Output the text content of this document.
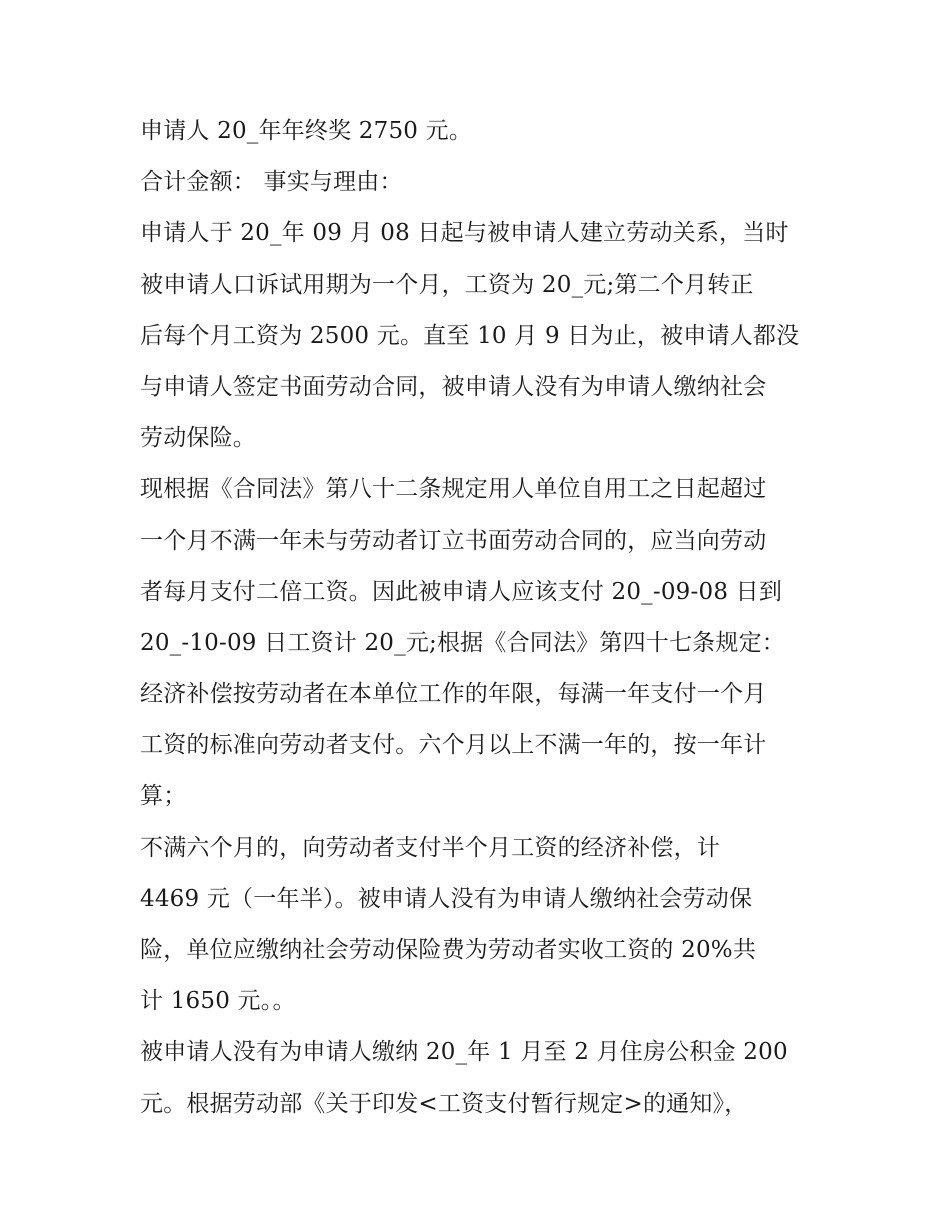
申请人 20_年年终奖 2750 元。
合计金额： 事实与理由：
申请人于 20_年 09 月 08 日起与被申请人建立劳动关系，当时
被申请人口诉试用期为一个月，工资为 20_元;第二个月转正
后每个月工资为 2500 元。直至 10 月 9 日为止，被申请人都没
与申请人签定书面劳动合同，被申请人没有为申请人缴纳社会
劳动保险。
现根据《合同法》第八十二条规定用人单位自用工之日起超过
一个月不满一年未与劳动者订立书面劳动合同的，应当向劳动
者每月支付二倍工资。因此被申请人应该支付 20_-09-08 日到
20_-10-09 日工资计 20_元;根据《合同法》第四十七条规定：
经济补偿按劳动者在本单位工作的年限，每满一年支付一个月
工资的标准向劳动者支付。六个月以上不满一年的，按一年计
算；
不满六个月的，向劳动者支付半个月工资的经济补偿，计
4469 元（一年半）。被申请人没有为申请人缴纳社会劳动保
险，单位应缴纳社会劳动保险费为劳动者实收工资的 20%共
计 1650 元。。
被申请人没有为申请人缴纳 20_年 1 月至 2 月住房公积金 200
元。根据劳动部《关于印发<工资支付暂行规定>的通知》，
